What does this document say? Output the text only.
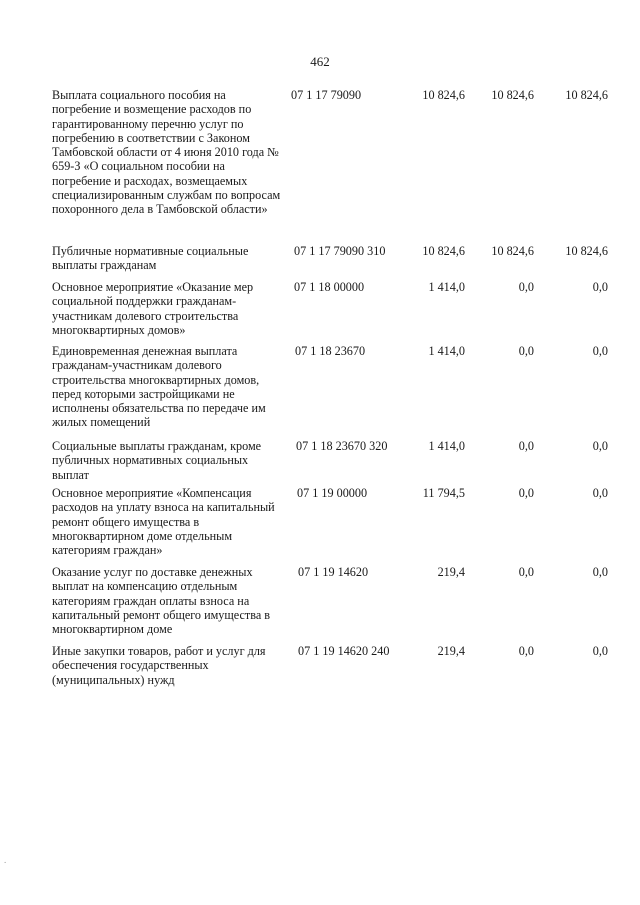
462
Выплата социального пособия на погребение и возмещение расходов по гарантированному перечню услуг по погребению в соответствии с Законом Тамбовской области от 4 июня 2010 года № 659-З «О социальном пособии на погребение и расходах, возмещаемых специализированным службам по вопросам похоронного дела в Тамбовской области»
07 1 17 79090	10 824,6 10 824,6	10 824,6
Публичные нормативные социальные выплаты гражданам
07 1 17 79090 310	10 824,6 10 824,6	10 824,6
Основное мероприятие «Оказание мер социальной поддержки гражданам-участникам долевого строительства многоквартирных домов»
07 1 18 00000	1 414,0	0,0	0,0
Единовременная денежная выплата гражданам-участникам долевого строительства многоквартирных домов, перед которыми застройщиками не исполнены обязательства по передаче им жилых помещений
07 1 18 23670	1 414,0	0,0	0,0
Социальные выплаты гражданам, кроме публичных нормативных социальных выплат
07 1 18 23670 320	1 414,0	0,0	0,0
Основное мероприятие «Компенсация расходов на уплату взноса на капитальный ремонт общего имущества в многоквартирном доме отдельным категориям граждан»
07 1 19 00000	11 794,5	0,0	0,0
Оказание услуг по доставке денежных выплат на компенсацию отдельным категориям граждан оплаты взноса на капитальный ремонт общего имущества в многоквартирном доме
07 1 19 14620	219,4	0,0	0,0
Иные закупки товаров, работ и услуг для обеспечения государственных (муниципальных) нужд
07 1 19 14620 240	219,4	0,0	0,0
.
